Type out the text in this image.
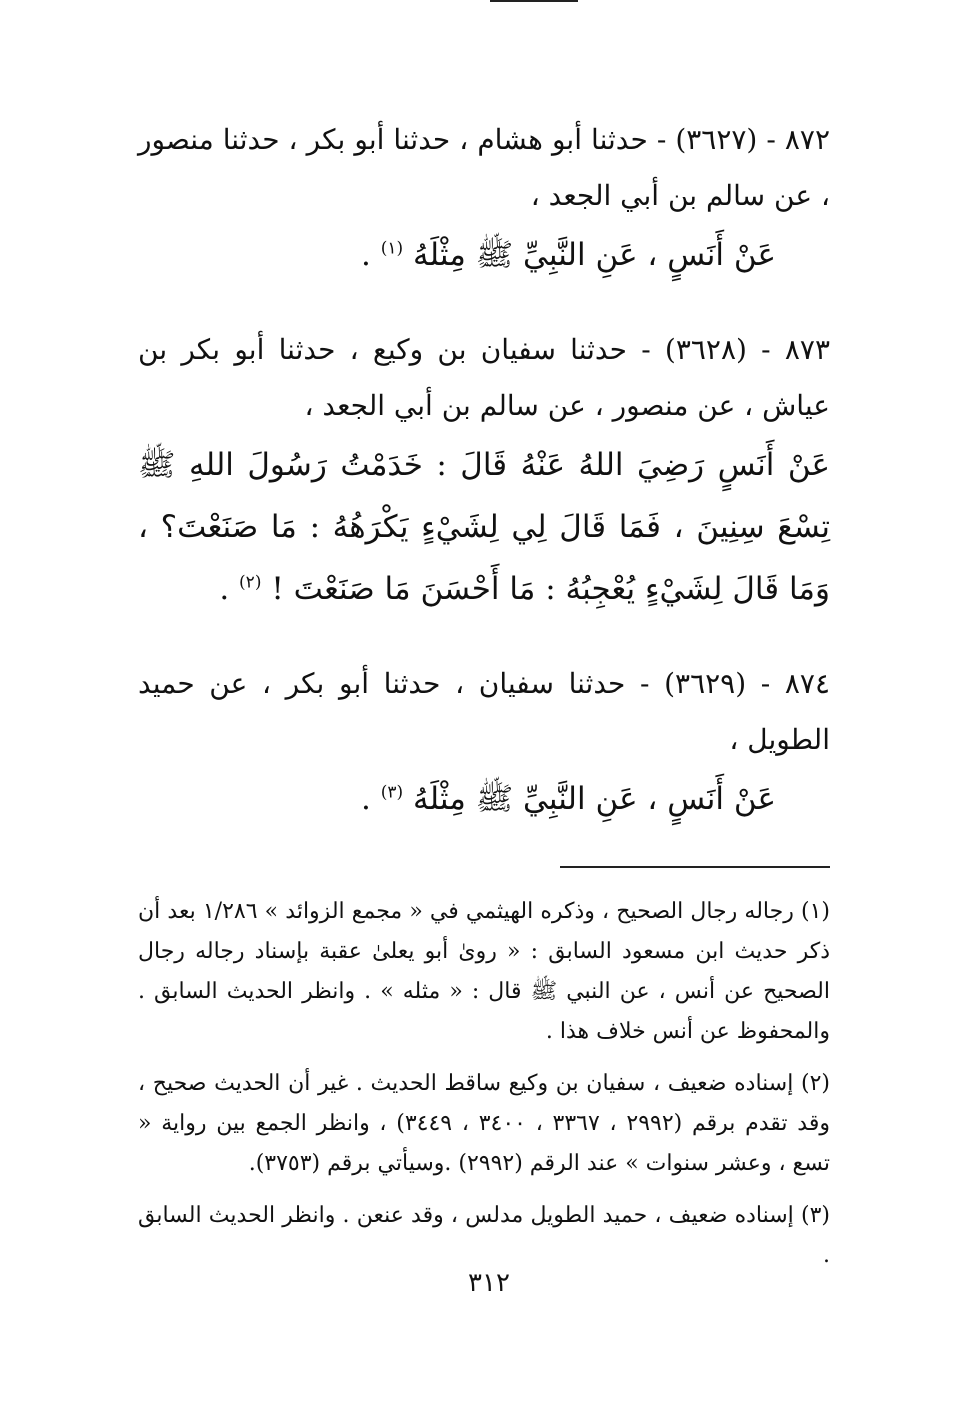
٨٧٢ - (٣٦٢٧) - حدثنا أبو هشام ، حدثنا أبو بكر ، حدثنا منصور ، عن سالم بن أبي الجعد ،

عَنْ أَنَسٍ ، عَنِ النَّبِيِّ ﷺ مِثْلَهُ $^{(١)}$ .

٨٧٣ - (٣٦٢٨) - حدثنا سفيان بن وكيع ، حدثنا أبو بكر بن عياش ، عن منصور ، عن سالم بن أبي الجعد ،

عَنْ أَنَسٍ رَضِيَ اللهُ عَنْهُ قَالَ : خَدَمْتُ رَسُولَ اللهِ ﷺ تِسْعَ سِنِينَ ، فَمَا قَالَ لِي لِشَيْءٍ يَكْرَهُهُ : مَا صَنَعْتَ؟ ، وَمَا قَالَ لِشَيْءٍ يُعْجِبُهُ : مَا أَحْسَنَ مَا صَنَعْتَ ! $^{(٢)}$ .

٨٧٤ - (٣٦٢٩) - حدثنا سفيان ، حدثنا أبو بكر ، عن حميد الطويل ،

عَنْ أَنَسٍ ، عَنِ النَّبِيِّ ﷺ مِثْلَهُ $^{(٣)}$ .

(١) رجاله رجال الصحيح ، وذكره الهيثمي في « مجمع الزوائد » ١/٢٨٦ بعد أن ذكر حديث ابن مسعود السابق : « روىٰ أبو يعلىٰ عقبة بإسناد رجاله رجال الصحيح عن أنس ، عن النبي ﷺ قال : « مثله » . وانظر الحديث السابق . والمحفوظ عن أنس خلاف هذا .

(٢) إسناده ضعيف ، سفيان بن وكيع ساقط الحديث . غير أن الحديث صحيح ، وقد تقدم برقم (٢٩٩٢ ، ٣٣٦٧ ، ٣٤٠٠ ، ٣٤٤٩) ، وانظر الجمع بين رواية « تسع ، وعشر سنوات » عند الرقم (٢٩٩٢) .وسيأتي برقم (٣٧٥٣).

(٣) إسناده ضعيف ، حميد الطويل مدلس ، وقد عنعن . وانظر الحديث السابق .

٣١٢
